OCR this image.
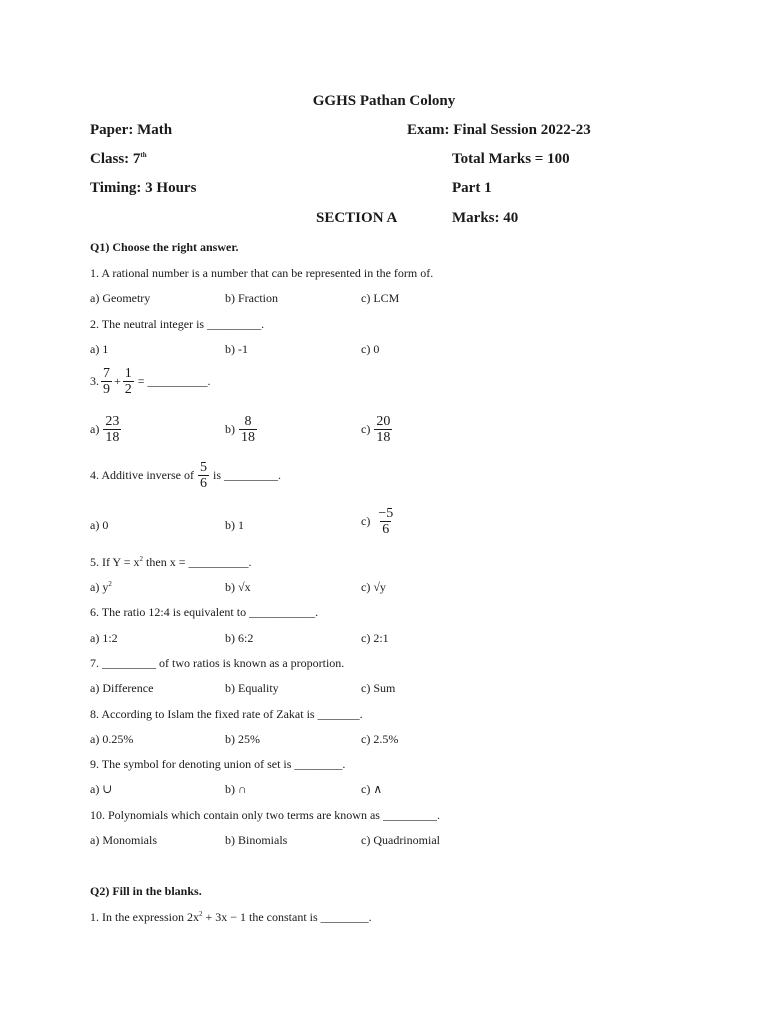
GGHS Pathan Colony
Paper: Math	Exam: Final Session 2022-23
Class: 7th	Total Marks = 100
Timing: 3 Hours	Part 1
SECTION A	Marks: 40
Q1) Choose the right answer.
1. A rational number is a number that can be represented in the form of.
a) Geometry	b) Fraction	c) LCM
2. The neutral integer is _________.
a) 1	b) -1	c) 0
3. $\frac{7}{9} + \frac{1}{2}$ = __________.
$a) \frac{23}{18}$	$b) \frac{8}{18}$	$c) \frac{20}{18}$
4. Additive inverse of $\frac{5}{6}$ is _________.
a) 0	b) 1	$c) \frac{-5}{6}$
5. If $Y = x^2$ then x = __________.
a) $y^2$	b) √x	c) √y
6. The ratio 12:4 is equivalent to ___________.
a) 1:2	b) 6:2	c) 2:1
7. _________ of two ratios is known as a proportion.
a) Difference	b) Equality	c) Sum
8. According to Islam the fixed rate of Zakat is _______.
a) 0.25%	b) 25%	c) 2.5%
9. The symbol for denoting union of set is ________.
a) ∪	b) ∩	c) ∧
10. Polynomials which contain only two terms are known as _________.
a) Monomials	b) Binomials	c) Quadrinomial
Q2) Fill in the blanks.
1. In the expression $2x^2 + 3x - 1$ the constant is ________.
